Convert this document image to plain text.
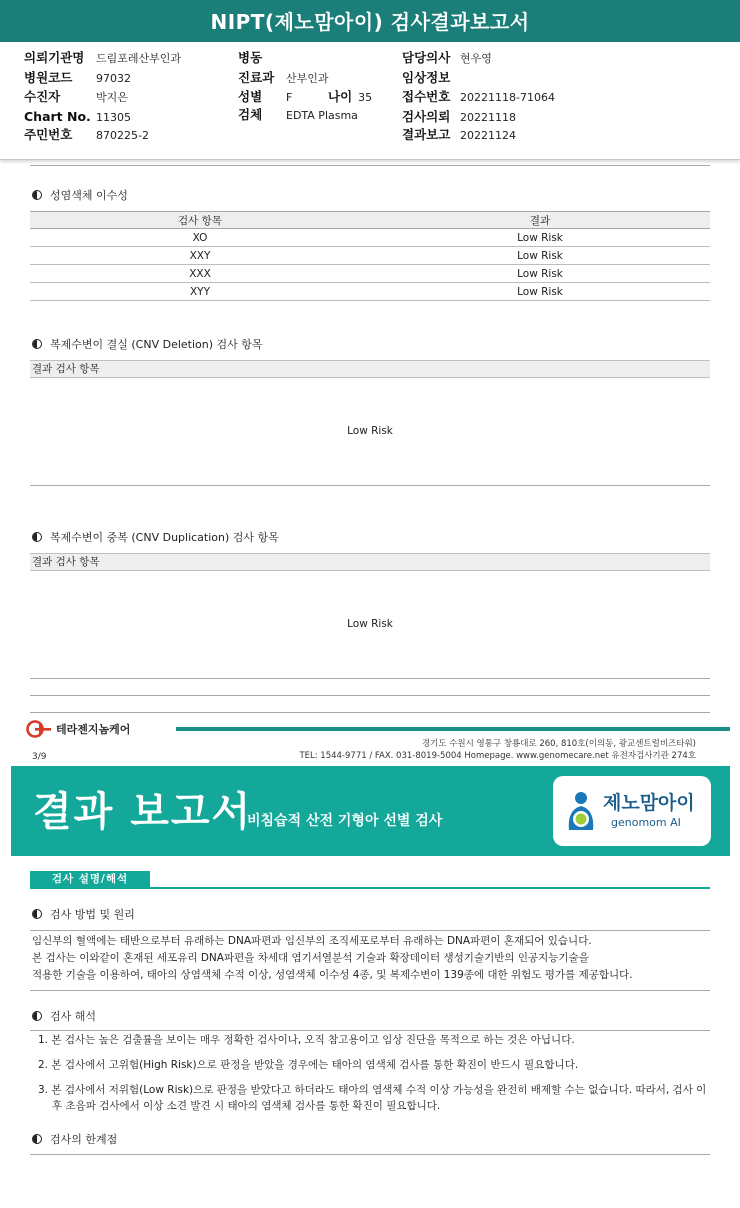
NIPT(제노맘아이) 검사결과보고서
의뢰기관명 드림포레산부인과
병원코드 97032
수진자	박지은
Chart No. 11305
주민번호 870225-2
병동
진료과 산부인과
성별 F	나이 35
검체 EDTA Plasma
담당의사 현우영
임상정보
접수번호 20221118-71064
검사의뢰 20221118
결과보고 20221124
성염색체 이수성
검사 항목	결과
XO	Low Risk
XXY	Low Risk
XXX	Low Risk
XYY	Low Risk
복제수변이 결실 (CNV Deletion) 검사 항목
결과 검사 항목
Low Risk
복제수변이 중복 (CNV Duplication) 검사 항목
결과 검사 항목
Low Risk
테라젠지놈케어
경기도 수원시 영통구 창룡대로 260, 810호(이의동, 광교센트럴비즈타워)
TEL: 1544-9771 / FAX. 031-8019-5004 Homepage. www.genomecare.net 유전자검사기관 274호
3/9
결과 보고서
비침습적 산전 기형아 선별 검사
제노맘아이
genomom AI
검사 설명/해석
검사 방법 및 원리
임신부의 혈액에는 태반으로부터 유래하는 DNA파편과 임신부의 조직세포로부터 유래하는 DNA파편이 혼재되어 있습니다.
본 검사는 이와같이 혼재된 세포유리 DNA파편을 차세대 염기서열분석 기술과 확장데이터 생성기술기반의 인공지능기술을
적용한 기술을 이용하여, 태아의 상염색체 수적 이상, 성염색체 이수성 4종, 및 복제수변이 139종에 대한 위험도 평가를 제공합니다.
검사 해석
1. 본 검사는 높은 검출률을 보이는 매우 정확한 검사이나, 오직 참고용이고 임상 진단을 목적으로 하는 것은 아닙니다.
2. 본 검사에서 고위험(High Risk)으로 판정을 받았을 경우에는 태아의 염색체 검사를 통한 확진이 반드시 필요합니다.
3. 본 검사에서 저위험(Low Risk)으로 판정을 받았다고 하더라도 태아의 염색체 수적 이상 가능성을 완전히 배제할 수는 없습니다. 따라서, 검사 이후 초음파 검사에서 이상 소견 발견 시 태아의 염색체 검사를 통한 확진이 필요합니다.
검사의 한계점
